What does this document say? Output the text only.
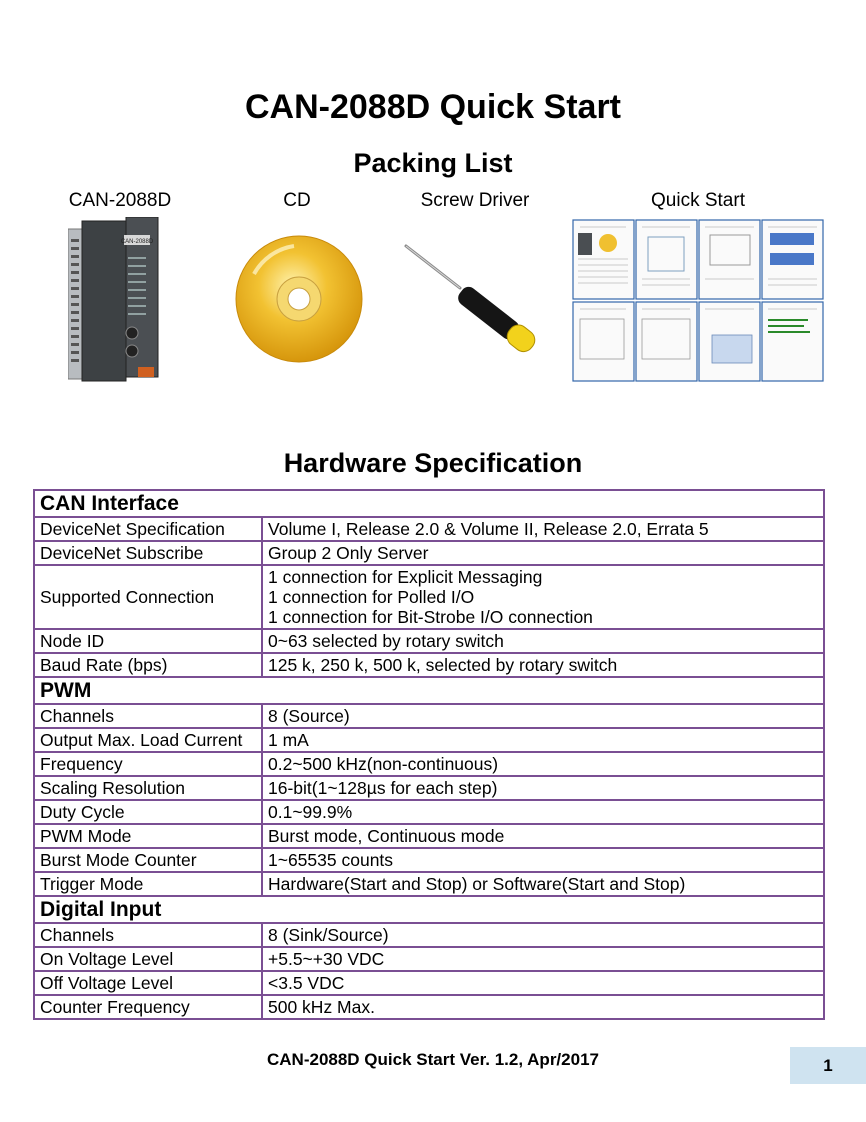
CAN-2088D Quick Start
Packing List
CAN-2088D	CD	Screw Driver	Quick Start
CAN-2088D
Hardware Specification
CAN Interface	
DeviceNet Specification	Volume I, Release 2.0 & Volume II, Release 2.0, Errata 5
DeviceNet Subscribe	Group 2 Only Server
Supported Connection	1 connection for Explicit Messaging
1 connection for Polled I/O
1 connection for Bit-Strobe I/O connection

Node ID	0~63 selected by rotary switch
Baud Rate (bps)	125 k, 250 k, 500 k, selected by rotary switch
PWM	
Channels	8 (Source)
Output Max. Load Current	1 mA
Frequency	0.2~500 kHz(non-continuous)
Scaling Resolution	16-bit(1~128µs for each step)
Duty Cycle	0.1~99.9%
PWM Mode	Burst mode, Continuous mode
Burst Mode Counter	1~65535 counts
Trigger Mode	Hardware(Start and Stop) or Software(Start and Stop)
Digital Input	
Channels	8 (Sink/Source)
On Voltage Level	+5.5~+30 VDC
Off Voltage Level	<3.5 VDC
Counter Frequency	500 kHz Max.
CAN-2088D Quick Start Ver. 1.2, Apr/2017	1
